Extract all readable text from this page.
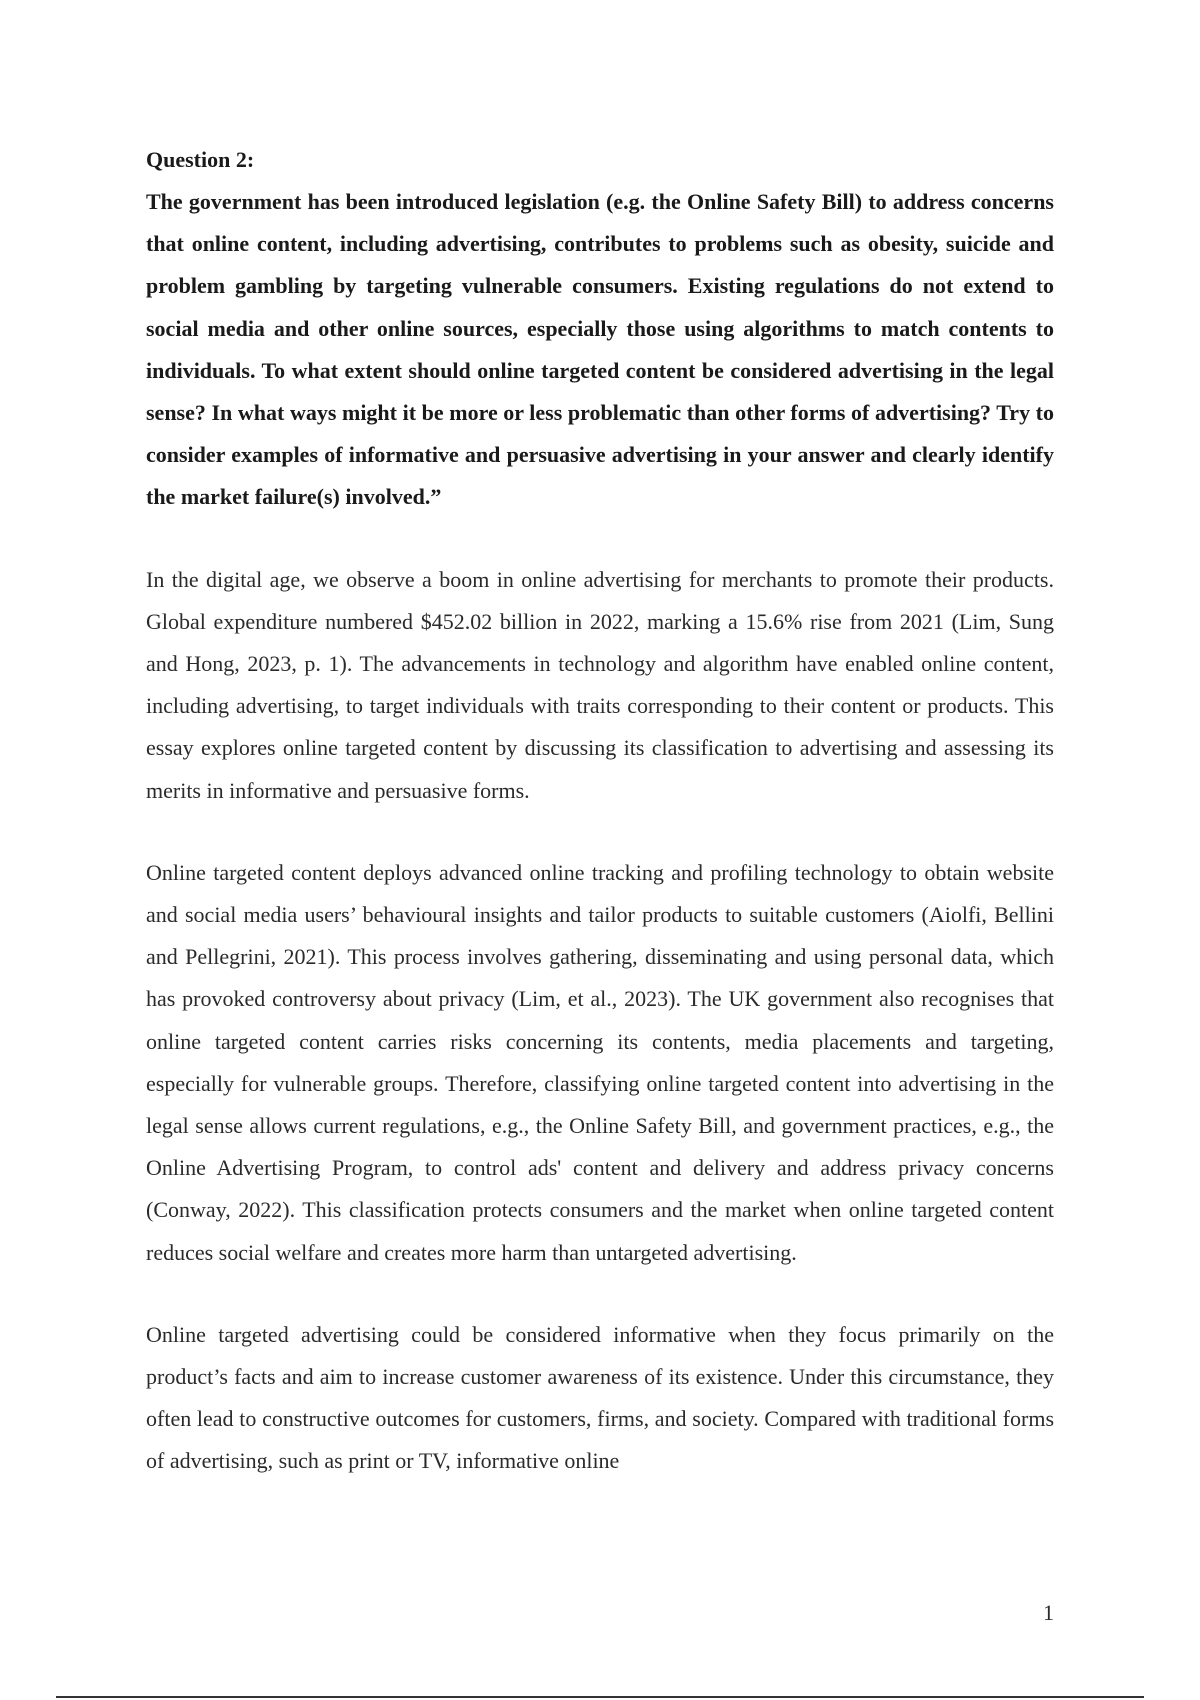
Question 2:

The government has been introduced legislation (e.g. the Online Safety Bill) to address concerns that online content, including advertising, contributes to problems such as obesity, suicide and problem gambling by targeting vulnerable consumers. Existing regulations do not extend to social media and other online sources, especially those using algorithms to match contents to individuals. To what extent should online targeted content be considered advertising in the legal sense? In what ways might it be more or less problematic than other forms of advertising? Try to consider examples of informative and persuasive advertising in your answer and clearly identify the market failure(s) involved.”

In the digital age, we observe a boom in online advertising for merchants to promote their products. Global expenditure numbered $452.02 billion in 2022, marking a 15.6% rise from 2021 (Lim, Sung and Hong, 2023, p. 1). The advancements in technology and algorithm have enabled online content, including advertising, to target individuals with traits corresponding to their content or products. This essay explores online targeted content by discussing its classification to advertising and assessing its merits in informative and persuasive forms.

Online targeted content deploys advanced online tracking and profiling technology to obtain website and social media users’ behavioural insights and tailor products to suitable customers (Aiolfi, Bellini and Pellegrini, 2021). This process involves gathering, disseminating and using personal data, which has provoked controversy about privacy (Lim, et al., 2023). The UK government also recognises that online targeted content carries risks concerning its contents, media placements and targeting, especially for vulnerable groups. Therefore, classifying online targeted content into advertising in the legal sense allows current regulations, e.g., the Online Safety Bill, and government practices, e.g., the Online Advertising Program, to control ads' content and delivery and address privacy concerns (Conway, 2022). This classification protects consumers and the market when online targeted content reduces social welfare and creates more harm than untargeted advertising.

Online targeted advertising could be considered informative when they focus primarily on the product’s facts and aim to increase customer awareness of its existence. Under this circumstance, they often lead to constructive outcomes for customers, firms, and society. Compared with traditional forms of advertising, such as print or TV, informative online

1
